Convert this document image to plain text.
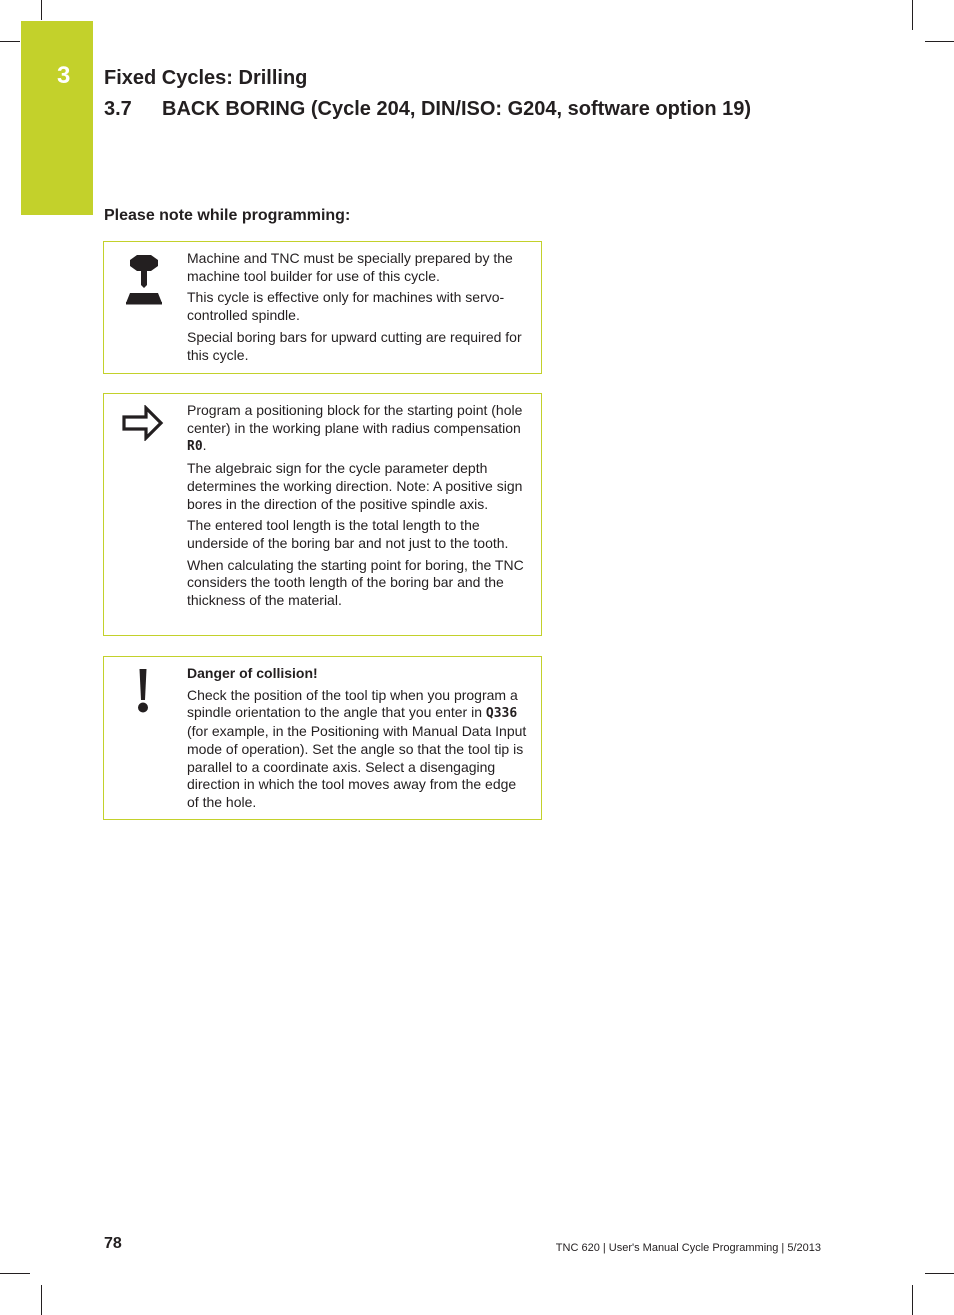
3 Fixed Cycles: Drilling
3.7 BACK BORING (Cycle 204, DIN/ISO: G204, software option 19)
Please note while programming:

Machine and TNC must be specially prepared by the machine tool builder for use of this cycle.

This cycle is effective only for machines with servo-controlled spindle.

Special boring bars for upward cutting are required for this cycle.

Program a positioning block for the starting point (hole center) in the working plane with radius compensation R0.

The algebraic sign for the cycle parameter depth determines the working direction. Note: A positive sign bores in the direction of the positive spindle axis.

The entered tool length is the total length to the underside of the boring bar and not just to the tooth.

When calculating the starting point for boring, the TNC considers the tooth length of the boring bar and the thickness of the material.

Danger of collision!

Check the position of the tool tip when you program a spindle orientation to the angle that you enter in Q336 (for example, in the Positioning with Manual Data Input mode of operation). Set the angle so that the tool tip is parallel to a coordinate axis. Select a disengaging direction in which the tool moves away from the edge of the hole.

78	TNC 620 | User's Manual Cycle Programming | 5/2013
